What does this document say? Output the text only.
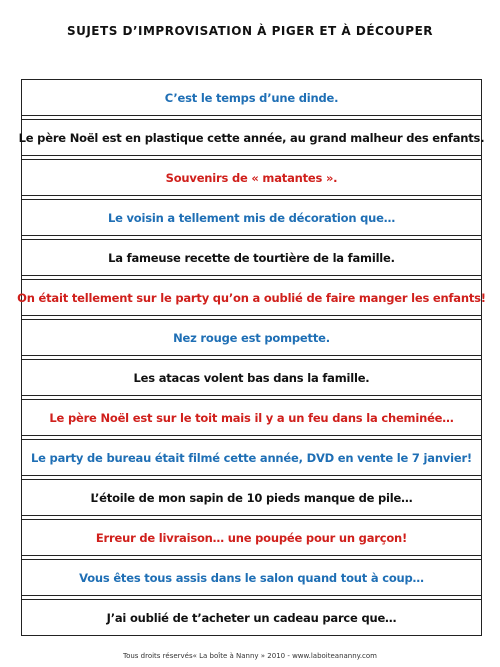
SUJETS D’IMPROVISATION À PIGER ET À DÉCOUPER
C’est le temps d’une dinde.
Le père Noël est en plastique cette année, au grand malheur des enfants.
Souvenirs de « matantes ».
Le voisin a tellement mis de décoration que…
La fameuse recette de tourtière de la famille.
On était tellement sur le party qu’on a oublié de faire manger les enfants!
Nez rouge est pompette.
Les atacas volent bas dans la famille.
Le père Noël est sur le toit mais il y a un feu dans la cheminée…
Le party de bureau était filmé cette année, DVD en vente le 7 janvier!
L’étoile de mon sapin de 10 pieds manque de pile…
Erreur de livraison… une poupée pour un garçon!
Vous êtes tous assis dans le salon quand tout à coup…
J’ai oublié de t’acheter un cadeau parce que…
Tous droits réservés« La boîte à Nanny » 2010 - www.laboiteananny.com
